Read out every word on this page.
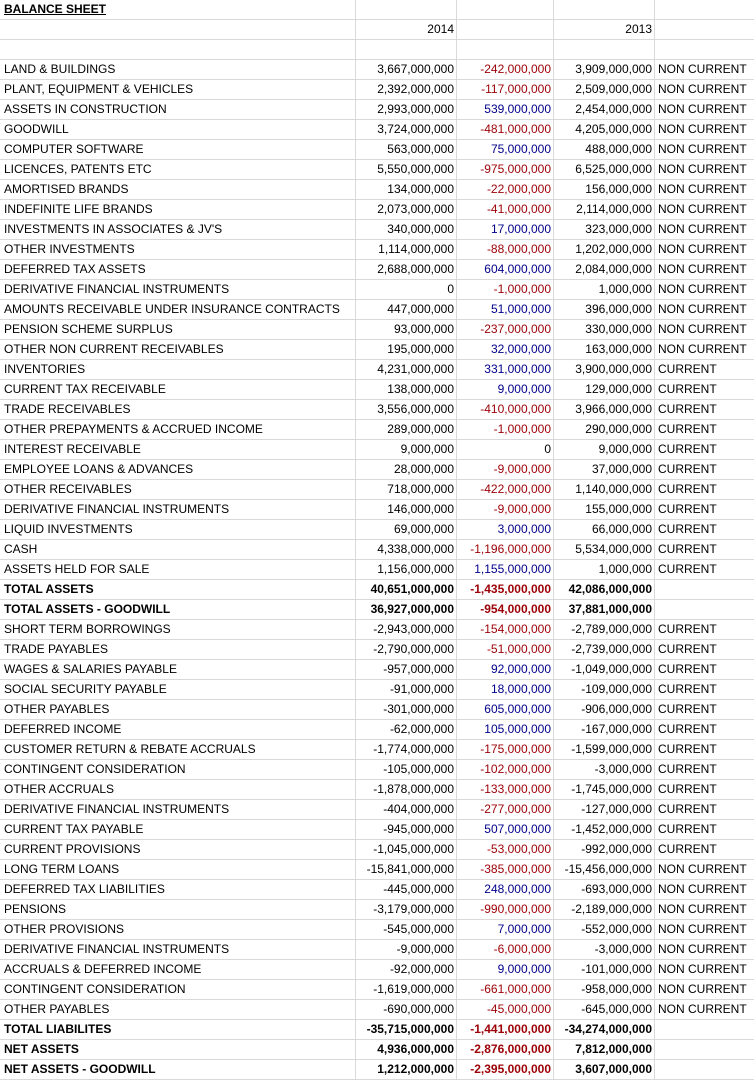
BALANCE SHEET
2014	2013
LAND & BUILDINGS	3,667,000,000	-242,000,000	3,909,000,000 NON CURRENT
PLANT, EQUIPMENT & VEHICLES	2,392,000,000	-117,000,000	2,509,000,000 NON CURRENT
ASSETS IN CONSTRUCTION	2,993,000,000	539,000,000	2,454,000,000 NON CURRENT
GOODWILL	3,724,000,000	-481,000,000	4,205,000,000 NON CURRENT
COMPUTER SOFTWARE	563,000,000	75,000,000	488,000,000 NON CURRENT
LICENCES, PATENTS ETC	5,550,000,000	-975,000,000	6,525,000,000 NON CURRENT
AMORTISED BRANDS	134,000,000	-22,000,000	156,000,000 NON CURRENT
INDEFINITE LIFE BRANDS	2,073,000,000	-41,000,000	2,114,000,000 NON CURRENT
INVESTMENTS IN ASSOCIATES & JV'S	340,000,000	17,000,000	323,000,000 NON CURRENT
OTHER INVESTMENTS	1,114,000,000	-88,000,000	1,202,000,000 NON CURRENT
DEFERRED TAX ASSETS	2,688,000,000	604,000,000	2,084,000,000 NON CURRENT
DERIVATIVE FINANCIAL INSTRUMENTS	0	-1,000,000	1,000,000 NON CURRENT
AMOUNTS RECEIVABLE UNDER INSURANCE CONTRACTS	447,000,000	51,000,000	396,000,000 NON CURRENT
PENSION SCHEME SURPLUS	93,000,000	-237,000,000	330,000,000 NON CURRENT
OTHER NON CURRENT RECEIVABLES	195,000,000	32,000,000	163,000,000 NON CURRENT
INVENTORIES	4,231,000,000	331,000,000	3,900,000,000 CURRENT
CURRENT TAX RECEIVABLE	138,000,000	9,000,000	129,000,000 CURRENT
TRADE RECEIVABLES	3,556,000,000	-410,000,000	3,966,000,000 CURRENT
OTHER PREPAYMENTS & ACCRUED INCOME	289,000,000	-1,000,000	290,000,000 CURRENT
INTEREST RECEIVABLE	9,000,000	0	9,000,000 CURRENT
EMPLOYEE LOANS & ADVANCES	28,000,000	-9,000,000	37,000,000 CURRENT
OTHER RECEIVABLES	718,000,000	-422,000,000	1,140,000,000 CURRENT
DERIVATIVE FINANCIAL INSTRUMENTS	146,000,000	-9,000,000	155,000,000 CURRENT
LIQUID INVESTMENTS	69,000,000	3,000,000	66,000,000 CURRENT
CASH	4,338,000,000	-1,196,000,000	5,534,000,000 CURRENT
ASSETS HELD FOR SALE	1,156,000,000	1,155,000,000	1,000,000 CURRENT
TOTAL ASSETS	40,651,000,000	-1,435,000,000	42,086,000,000
TOTAL ASSETS - GOODWILL	36,927,000,000	-954,000,000	37,881,000,000
SHORT TERM BORROWINGS	-2,943,000,000	-154,000,000	-2,789,000,000 CURRENT
TRADE PAYABLES	-2,790,000,000	-51,000,000	-2,739,000,000 CURRENT
WAGES & SALARIES PAYABLE	-957,000,000	92,000,000	-1,049,000,000 CURRENT
SOCIAL SECURITY PAYABLE	-91,000,000	18,000,000	-109,000,000 CURRENT
OTHER PAYABLES	-301,000,000	605,000,000	-906,000,000 CURRENT
DEFERRED INCOME	-62,000,000	105,000,000	-167,000,000 CURRENT
CUSTOMER RETURN & REBATE ACCRUALS	-1,774,000,000	-175,000,000	-1,599,000,000 CURRENT
CONTINGENT CONSIDERATION	-105,000,000	-102,000,000	-3,000,000 CURRENT
OTHER ACCRUALS	-1,878,000,000	-133,000,000	-1,745,000,000 CURRENT
DERIVATIVE FINANCIAL INSTRUMENTS	-404,000,000	-277,000,000	-127,000,000 CURRENT
CURRENT TAX PAYABLE	-945,000,000	507,000,000	-1,452,000,000 CURRENT
CURRENT PROVISIONS	-1,045,000,000	-53,000,000	-992,000,000 CURRENT
LONG TERM LOANS	-15,841,000,000	-385,000,000	-15,456,000,000 NON CURRENT
DEFERRED TAX LIABILITIES	-445,000,000	248,000,000	-693,000,000 NON CURRENT
PENSIONS	-3,179,000,000	-990,000,000	-2,189,000,000 NON CURRENT
OTHER PROVISIONS	-545,000,000	7,000,000	-552,000,000 NON CURRENT
DERIVATIVE FINANCIAL INSTRUMENTS	-9,000,000	-6,000,000	-3,000,000 NON CURRENT
ACCRUALS & DEFERRED INCOME	-92,000,000	9,000,000	-101,000,000 NON CURRENT
CONTINGENT CONSIDERATION	-1,619,000,000	-661,000,000	-958,000,000 NON CURRENT
OTHER PAYABLES	-690,000,000	-45,000,000	-645,000,000 NON CURRENT
TOTAL LIABILITES	-35,715,000,000	-1,441,000,000	-34,274,000,000
NET ASSETS	4,936,000,000	-2,876,000,000	7,812,000,000
NET ASSETS - GOODWILL	1,212,000,000	-2,395,000,000	3,607,000,000
